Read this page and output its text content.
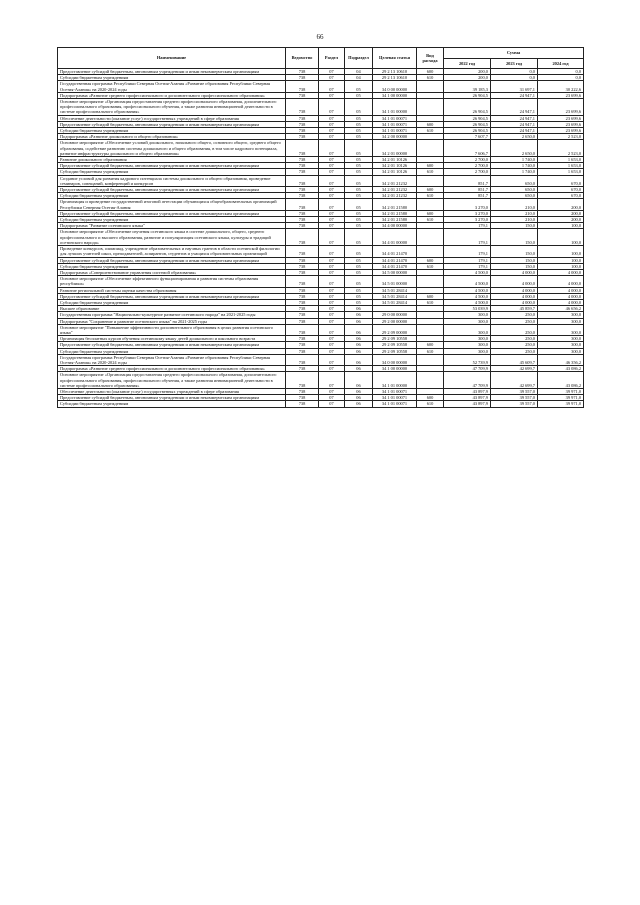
66
Наименование	Ведомство	Раздел	Подраздел	Целевая статья	Вид расхода	Сумма		
						2022 год	2023 год	2024 год
Предоставление субсидий бюджетным, автономным учреждениям и иным некоммерческим организациям	738	07	04	29 2 13 10610	600	200,0	0,0	0,0
Субсидии бюджетным учреждениям	738	07	04	29 2 13 10610	610	200,0	0,0	0,0
Государственная программа Республики Северная Осетия-Алания «Развитие образования Республики Северная Осетия-Алания» на 2020-2024 годы	738	07	05	34 0 00 00000		39 185,3	31 697,1	30 222,6
Подпрограмма «Развитие среднего профессионального и дополнительного профессионального образования»	738	07	05	34 1 00 00000		26 904,5	24 947,1	23 699,6
Основное мероприятие «Организация предоставления среднего профессионального образования, дополнительного профессионального образования, профессионального обучения, а также развития инновационной деятельности в системе профессионального образования»	738	07	05	34 1 01 00000		26 904,5	24 947,1	23 699,6
Обеспечение деятельности (оказание услуг) государственных учреждений в сфере образования	738	07	05	34 1 01 00071		26 904,5	24 947,1	23 699,6
Предоставление субсидий бюджетным, автономным учреждениям и иным некоммерческим организациям	738	07	05	34 1 01 00071	600	26 904,5	24 947,1	23 699,6
Субсидии бюджетным учреждениям	738	07	05	34 1 01 00071	610	26 904,5	24 947,1	23 699,6
Подпрограмма «Развитие дошкольного и общего образования»	738	07	05	34 2 00 00000		7 607,7	2 650,0	2 523,0
Основное мероприятие «Обеспечение условий дошкольного, начального общего, основного общего, среднего общего образования, содействие развитию системы дошкольного и общего образования, в том числе кадрового потенциала, развитие инфраструктуры дошкольного и общего образования»	738	07	05	34 2 01 00000		7 606,7	2 650,0	2 523,0
Развитие дошкольного образования	738	07	05	34 2 01 10126		2 700,0	1 740,0	1 653,0
Предоставление субсидий бюджетным, автономным учреждениям и иным некоммерческим организациям	738	07	05	34 2 01 10126	600	2 700,0	1 740,0	1 653,0
Субсидии бюджетным учреждениям	738	07	05	34 2 01 10126	610	2 700,0	1 740,0	1 653,0
Создание условий для развития кадрового потенциала системы дошкольного и общего образования, проведение семинаров, совещаний, конференций и конкурсов	738	07	05	34 2 01 21232		851,7	650,0	670,0
Предоставление субсидий бюджетным, автономным учреждениям и иным некоммерческим организациям	738	07	05	34 2 01 21232	600	851,7	650,0	670,0
Субсидии бюджетным учреждениям	738	07	05	34 2 01 21232	610	851,7	650,0	670,0
Организация и проведение государственной итоговой аттестации обучающихся общеобразовательных организаций Республики Северная Осетия-Алания	738	07	05	34 2 01 21580		3 270,0	210,0	200,0
Предоставление субсидий бюджетным, автономным учреждениям и иным некоммерческим организациям	738	07	05	34 2 01 21580	600	3 270,0	210,0	200,0
Субсидии бюджетным учреждениям	738	07	05	34 2 01 21580	610	3 270,0	210,0	200,0
Подпрограмма "Развитие осетинского языка"	738	07	05	34 4 00 00000		179,1	150,0	100,0
Основное мероприятие «Обеспечение изучения осетинского языка в системе дошкольного, общего, среднего профессионального и высшего образования, развитие и популяризация осетинского языка, культуры и традиций осетинского народа»	738	07	05	34 4 01 00000		179,1	150,0	100,0
Проведение конкурсов, олимпиад, учреждение образовательных и научных грантов в области осетинской филологии для лучших учителей школ, преподавателей, аспирантов, студентов и учащихся образовательных организаций	738	07	05	34 4 01 21470		179,1	150,0	100,0
Предоставление субсидий бюджетным, автономным учреждениям и иным некоммерческим организациям	738	07	05	34 4 01 21470	600	179,1	150,0	100,0
Субсидии бюджетным учреждениям	738	07	05	34 4 01 21470	610	179,1	150,0	100,0
Подпрограмма «Совершенствование управления системой образования»	738	07	05	34 5 00 00000		4 500,0	4 000,0	4 000,0
Основное мероприятие «Обеспечение эффективного функционирования и развития системы образования республики»	738	07	05	34 5 01 00000		4 500,0	4 000,0	4 000,0
Развитие региональной системы оценки качества образования	738	07	05	34 5 01 28414		4 500,0	4 000,0	4 000,0
Предоставление субсидий бюджетным, автономным учреждениям и иным некоммерческим организациям	738	07	05	34 5 01 28414	600	4 500,0	4 000,0	4 000,0
Субсидии бюджетным учреждениям	738	07	05	34 5 01 28414	610	4 500,0	4 000,0	4 000,0
Высшее образование	738	07	06			53 039,9	45 859,7	46 656,2
Государственная программа "Национально-культурное развитие осетинского народа" на 2021-2025 годы	738	07	06	29 0 00 00000		300,0	250,0	300,0
Подпрограмма "Сохранение и развитие осетинского языка" на 2021-2025 годы	738	07	06	29 2 00 00000		300,0	250,0	300,0
Основное мероприятие "Повышение эффективности дополнительного образования в целях развития осетинского языка"	738	07	06	29 2 09 00000		300,0	250,0	300,0
Организация бесплатных курсов обучения осетинскому языку детей дошкольного и школьного возраста	738	07	06	29 2 09 10558		300,0	250,0	300,0
Предоставление субсидий бюджетным, автономным учреждениям и иным некоммерческим организациям	738	07	06	29 2 09 10558	600	300,0	250,0	300,0
Субсидии бюджетным учреждениям	738	07	06	29 2 09 10558	610	300,0	250,0	300,0
Государственная программа Республики Северная Осетия-Алания «Развитие образования Республики Северная Осетия-Алания» на 2020-2024 годы	738	07	06	34 0 00 00000		52 739,9	45 609,7	46 356,2
Подпрограмма «Развитие среднего профессионального и дополнительного профессионального образования»	738	07	06	34 1 00 00000		47 709,9	42 699,7	43 086,2
Основное мероприятие «Организация предоставления среднего профессионального образования, дополнительного профессионального образования, профессионального обучения, а также развития инновационной деятельности в системе профессионального образования»	738	07	06	34 1 01 00000		47 709,9	42 699,7	43 086,2
Обеспечение деятельности (оказание услуг) государственных учреждений в сфере образования	738	07	06	34 1 01 00071		43 897,9	39 557,0	39 971,0
Предоставление субсидий бюджетным, автономным учреждениям и иным некоммерческим организациям	738	07	06	34 1 01 00071	600	43 897,9	39 557,0	39 971,0
Субсидии бюджетным учреждениям	738	07	06	34 1 01 00071	610	43 897,9	39 557,0	39 971,0
